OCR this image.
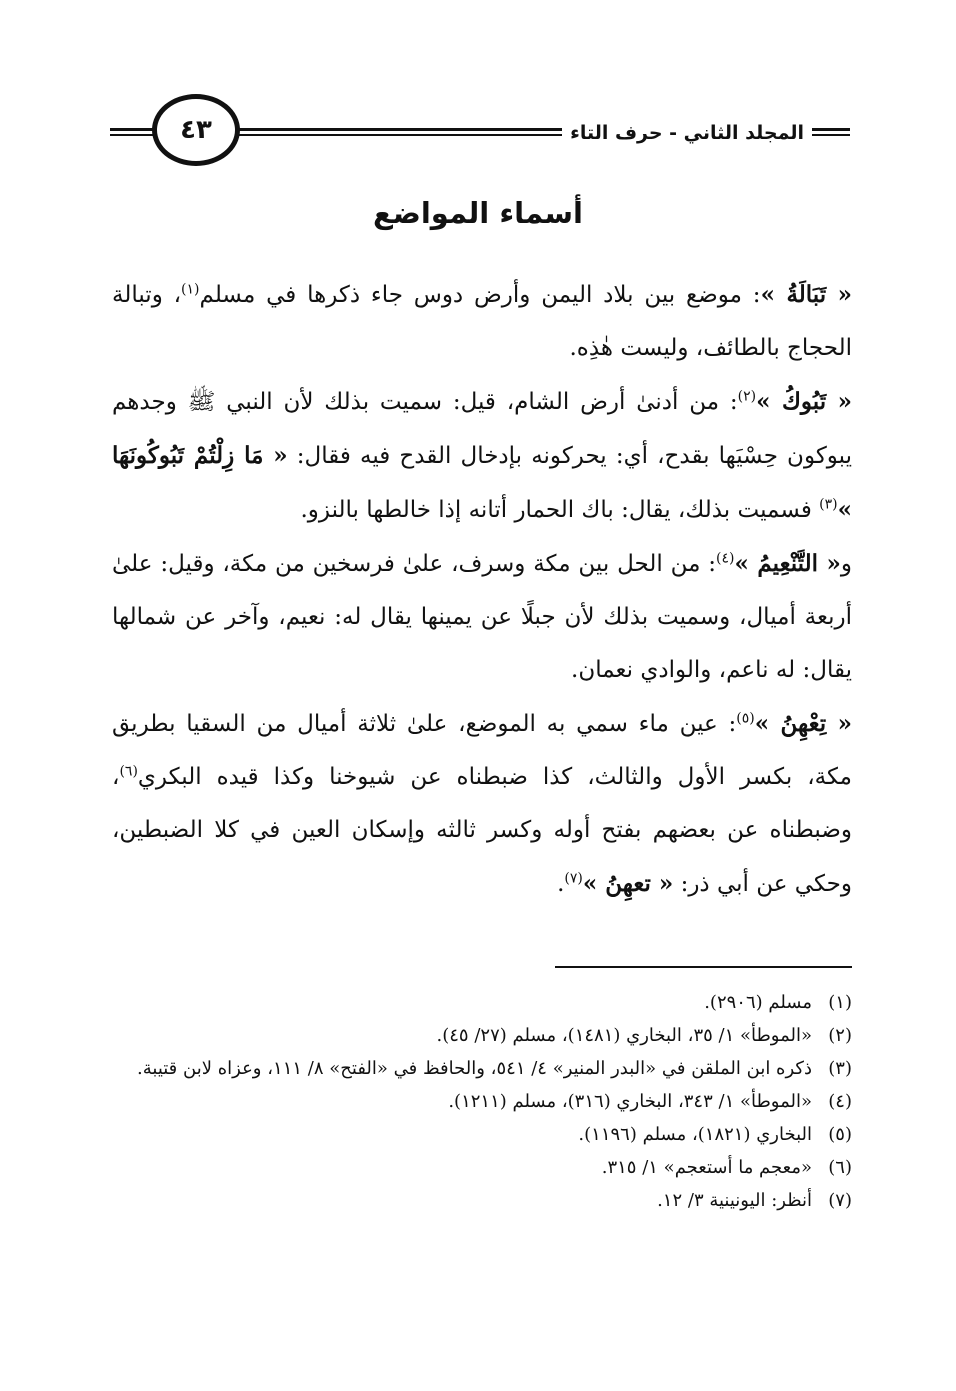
المجلد الثاني - حرف التاء
٤٣
أسماء المواضع

« تَبَالَةُ »: موضع بين بلاد اليمن وأرض دوس جاء ذكرها في مسلم$^{(١)}$، وتبالة الحجاج بالطائف، وليست هٰذِه.

« تَبُوكُ »$^{(٢)}$: من أدنىٰ أرض الشام، قيل: سميت بذلك لأن النبي ﷺ وجدهم يبوكون حِسْيَها بقدح، أي: يحركونه بإدخال القدح فيه فقال: « مَا زِلْتُمْ تَبُوكُونَهَا »$^{(٣)}$ فسميت بذلك، يقال: باك الحمار أتانه إذا خالطها بالنزو.

و« التَّنْعِيمُ »$^{(٤)}$: من الحل بين مكة وسرف، علىٰ فرسخين من مكة، وقيل: علىٰ أربعة أميال، وسميت بذلك لأن جبلًا عن يمينها يقال له: نعيم، وآخر عن شمالها يقال: له ناعم، والوادي نعمان.

« تِعْهِنُ »$^{(٥)}$: عين ماء سمي به الموضع، علىٰ ثلاثة أميال من السقيا بطريق مكة، بكسر الأول والثالث، كذا ضبطناه عن شيوخنا وكذا قيده البكري$^{(٦)}$، وضبطناه عن بعضهم بفتح أوله وكسر ثالثه وإسكان العين في كلا الضبطين، وحكي عن أبي ذر: « تعهِنُ »$^{(٧)}$.

(١)
مسلم (٢٩٠٦).

(٢)
«الموطأ» ١/ ٣٥، البخاري (١٤٨١)، مسلم (٢٧/ ٤٥).

(٣)
ذكره ابن الملقن في «البدر المنير» ٤/ ٥٤١، والحافظ في «الفتح» ٨/ ١١١، وعزاه لابن قتيبة.

(٤)
«الموطأ» ١/ ٣٤٣، البخاري (٣١٦)، مسلم (١٢١١).

(٥)
البخاري (١٨٢١)، مسلم (١١٩٦).

(٦)
«معجم ما أستعجم» ١/ ٣١٥.

(٧)
أنظر: اليونينية ٣/ ١٢.
